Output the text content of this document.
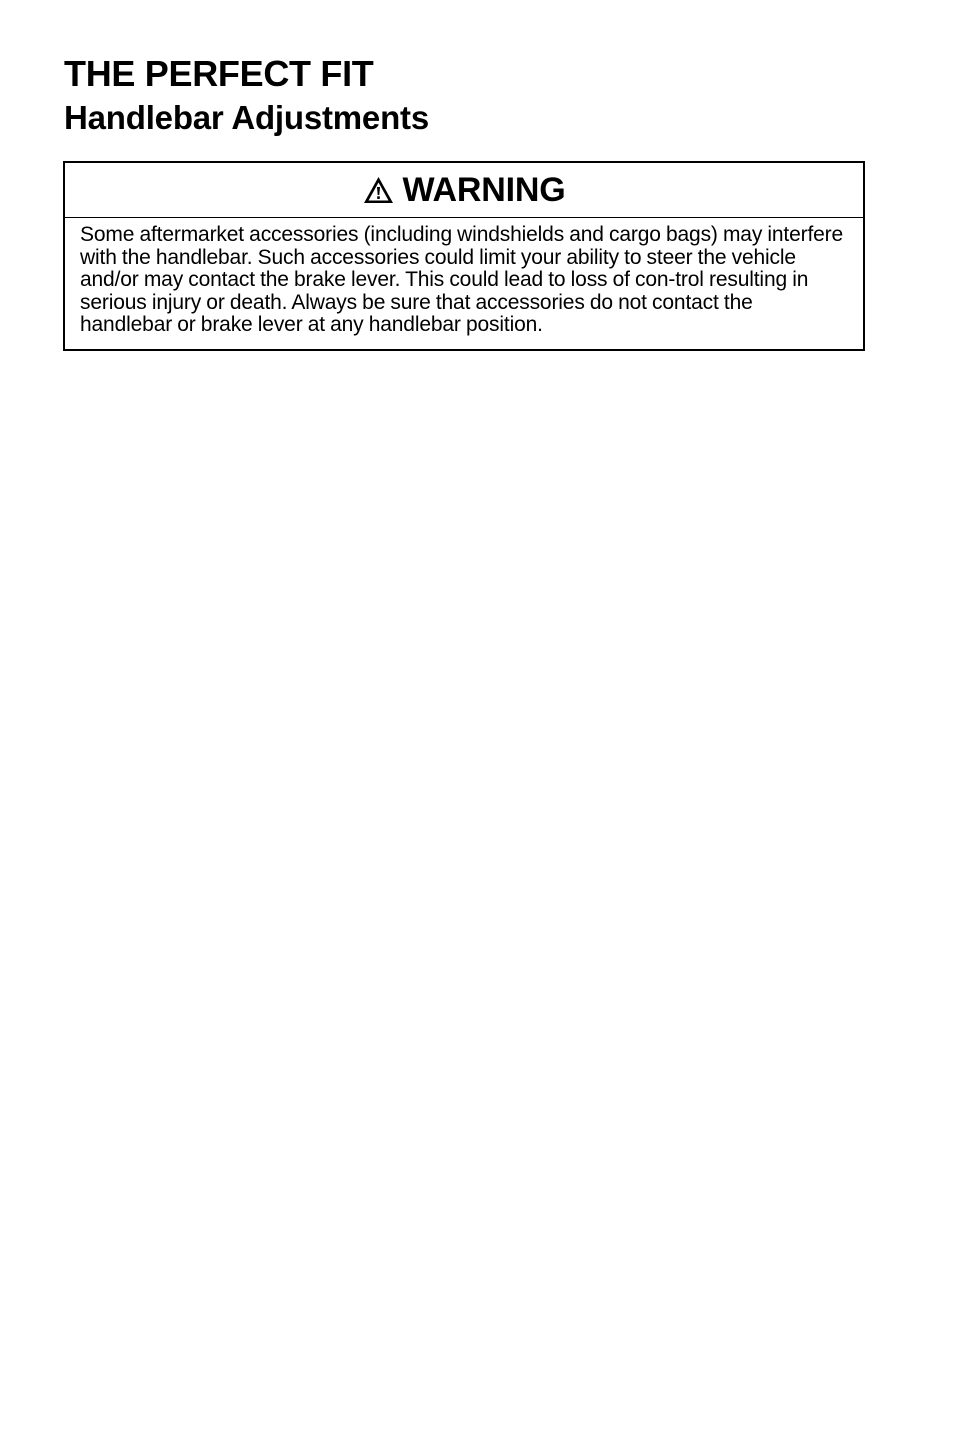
THE PERFECT FIT
Handlebar Adjustments
WARNING

Some aftermarket accessories (including windshields and cargo bags) may interfere with the handlebar. Such accessories could limit your ability to steer the vehicle and/or may contact the brake lever. This could lead to loss of con-trol resulting in serious injury or death. Always be sure that accessories do not contact the handlebar or brake lever at any handlebar position.
